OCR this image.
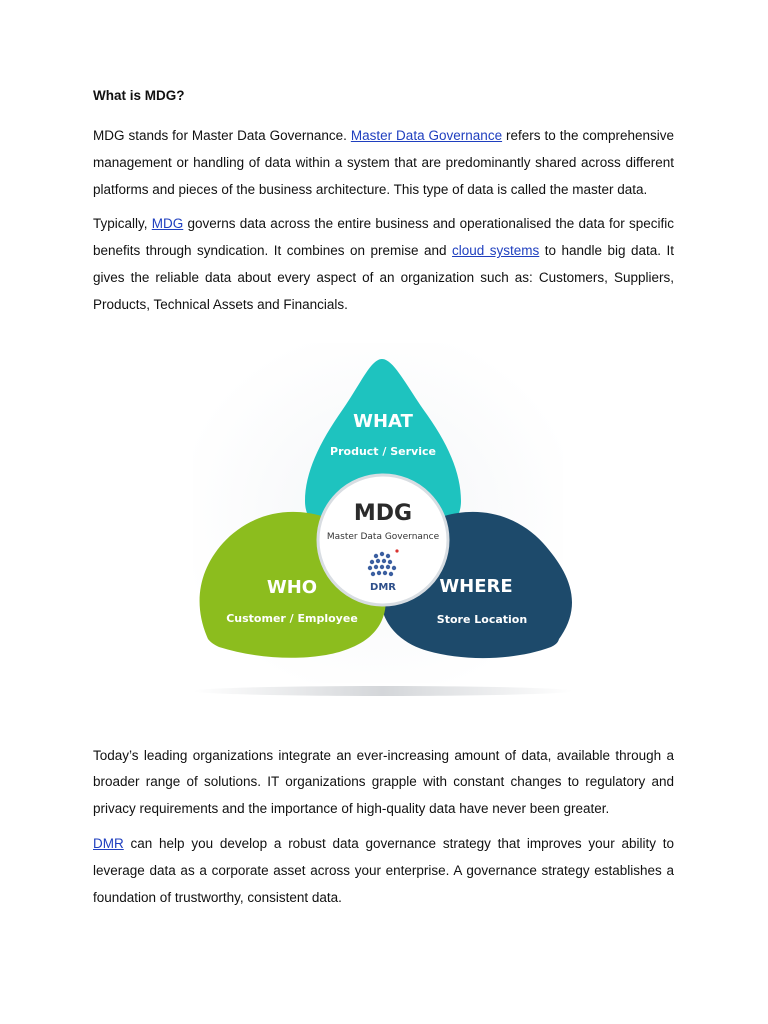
What is MDG?

MDG stands for Master Data Governance. Master Data Governance refers to the comprehensive management or handling of data within a system that are predominantly shared across different platforms and pieces of the business architecture. This type of data is called the master data.

Typically, MDG governs data across the entire business and operationalised the data for specific benefits through syndication. It combines on premise and cloud systems to handle big data. It gives the reliable data about every aspect of an organization such as: Customers, Suppliers, Products, Technical Assets and Financials.

MDG
Master Data Governance
DMR
WHAT
Product / Service
WHO
Customer / Employee
WHERE
Store Location

Today’s leading organizations integrate an ever-increasing amount of data, available through a broader range of solutions. IT organizations grapple with constant changes to regulatory and privacy requirements and the importance of high-quality data have never been greater.

DMR can help you develop a robust data governance strategy that improves your ability to leverage data as a corporate asset across your enterprise. A governance strategy establishes a foundation of trustworthy, consistent data.
